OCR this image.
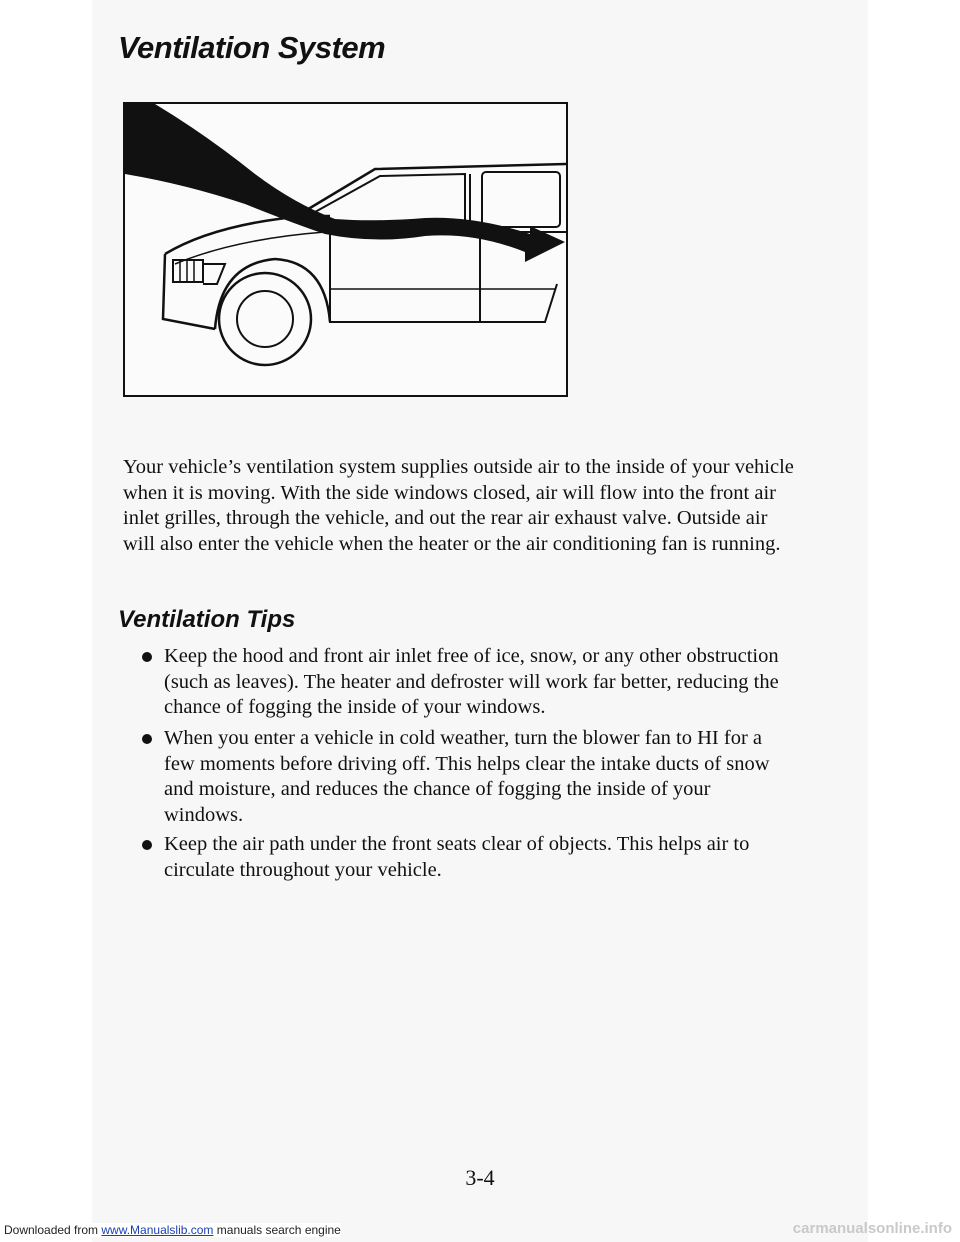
Ventilation System

Your vehicle’s ventilation system supplies outside air to the inside of your vehicle when it is moving. With the side windows closed, air will flow into the front air inlet grilles, through the vehicle, and out the rear air exhaust valve. Outside air will also enter the vehicle when the heater or the air conditioning fan is running.

Ventilation Tips
Keep the hood and front air inlet free of ice, snow, or any other obstruction (such as leaves). The heater and defroster will work far better, reducing the chance of fogging the inside of your windows.
When you enter a vehicle in cold weather, turn the blower fan to HI for a few moments before driving off. This helps clear the intake ducts of snow and moisture, and reduces the chance of fogging the inside of your windows.
Keep the air path under the front seats clear of objects. This helps air to circulate throughout your vehicle.
3-4
Downloaded from www.Manualslib.com manuals search engine	carmanualsonline.info
